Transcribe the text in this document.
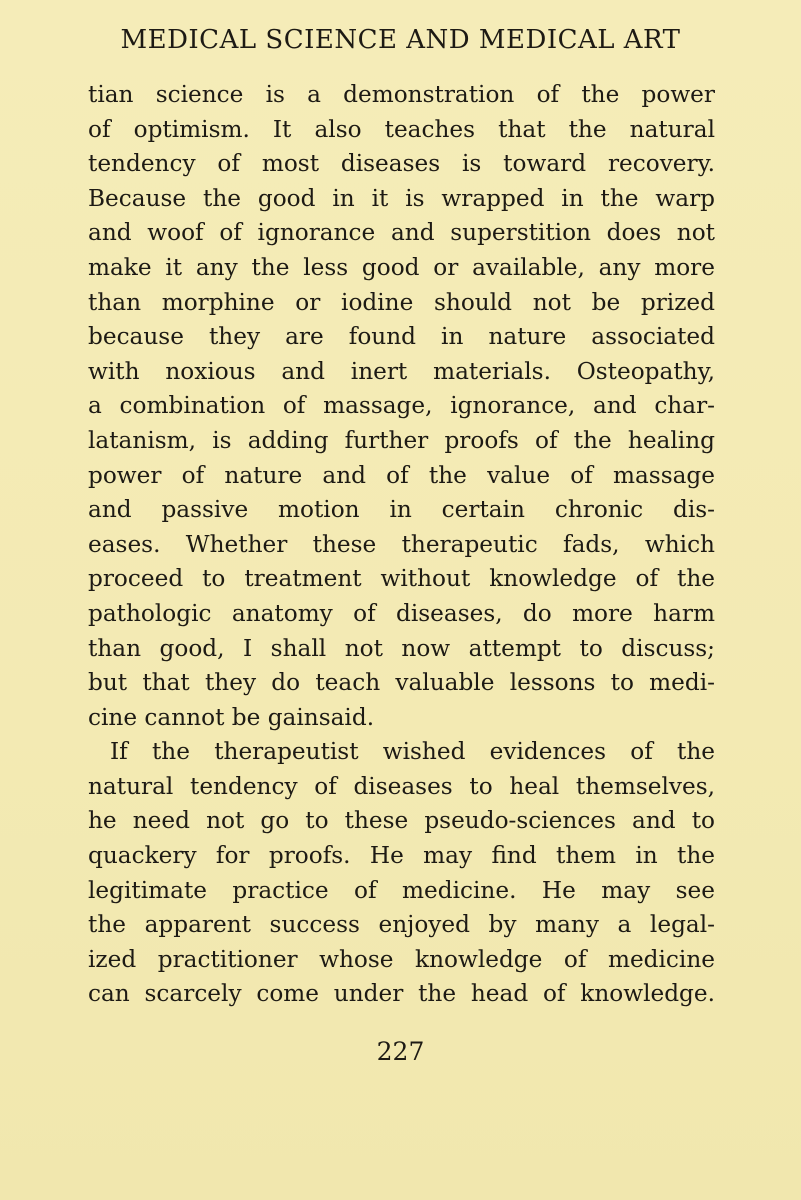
MEDICAL SCIENCE AND MEDICAL ART
tian science is a demonstration of the power
of optimism. It also teaches that the natural
tendency of most diseases is toward recovery.
Because the good in it is wrapped in the warp
and woof of ignorance and superstition does not
make it any the less good or available, any more
than morphine or iodine should not be prized
because they are found in nature associated
with noxious and inert materials. Osteopathy,
a combination of massage, ignorance, and char-
latanism, is adding further proofs of the healing
power of nature and of the value of massage
and passive motion in certain chronic dis-
eases. Whether these therapeutic fads, which
proceed to treatment without knowledge of the
pathologic anatomy of diseases, do more harm
than good, I shall not now attempt to discuss;
but that they do teach valuable lessons to medi-
cine cannot be gainsaid.
If the therapeutist wished evidences of the
natural tendency of diseases to heal themselves,
he need not go to these pseudo-sciences and to
quackery for proofs. He may find them in the
legitimate practice of medicine. He may see
the apparent success enjoyed by many a legal-
ized practitioner whose knowledge of medicine
can scarcely come under the head of knowledge.
227
